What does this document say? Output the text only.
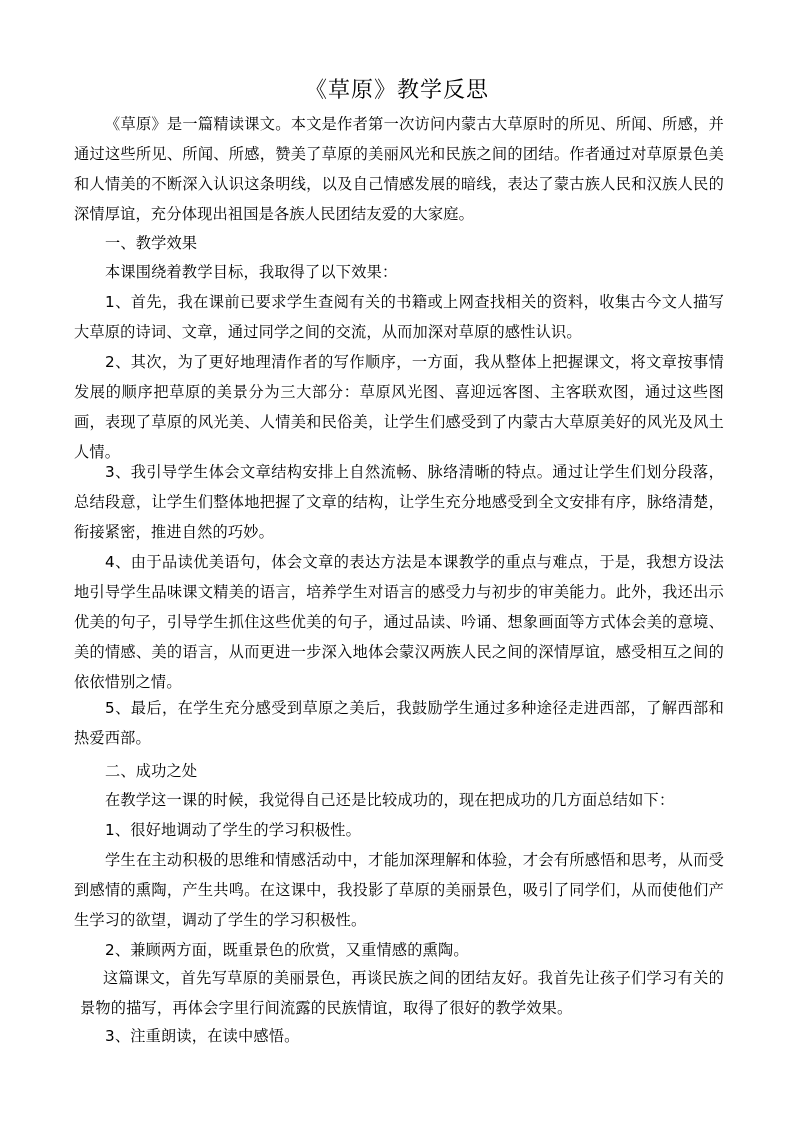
《草原》教学反思

《草原》是一篇精读课文。本文是作者第一次访问内蒙古大草原时的所见、所闻、所感，并通过这些所见、所闻、所感，赞美了草原的美丽风光和民族之间的团结。作者通过对草原景色美和人情美的不断深入认识这条明线，以及自己情感发展的暗线，表达了蒙古族人民和汉族人民的深情厚谊，充分体现出祖国是各族人民团结友爱的大家庭。

一、教学效果

本课围绕着教学目标，我取得了以下效果：

1、首先，我在课前已要求学生查阅有关的书籍或上网查找相关的资料，收集古今文人描写大草原的诗词、文章，通过同学之间的交流，从而加深对草原的感性认识。

2、其次，为了更好地理清作者的写作顺序，一方面，我从整体上把握课文，将文章按事情发展的顺序把草原的美景分为三大部分：草原风光图、喜迎远客图、主客联欢图，通过这些图画，表现了草原的风光美、人情美和民俗美，让学生们感受到了内蒙古大草原美好的风光及风土人情。

3、我引导学生体会文章结构安排上自然流畅、脉络清晰的特点。通过让学生们划分段落，总结段意，让学生们整体地把握了文章的结构，让学生充分地感受到全文安排有序，脉络清楚，衔接紧密，推进自然的巧妙。

4、由于品读优美语句，体会文章的表达方法是本课教学的重点与难点，于是，我想方设法地引导学生品味课文精美的语言，培养学生对语言的感受力与初步的审美能力。此外，我还出示优美的句子，引导学生抓住这些优美的句子，通过品读、吟诵、想象画面等方式体会美的意境、美的情感、美的语言，从而更进一步深入地体会蒙汉两族人民之间的深情厚谊，感受相互之间的依依惜别之情。

5、最后，在学生充分感受到草原之美后，我鼓励学生通过多种途径走进西部，了解西部和热爱西部。

二、成功之处

在教学这一课的时候，我觉得自己还是比较成功的，现在把成功的几方面总结如下：

1、很好地调动了学生的学习积极性。

学生在主动积极的思维和情感活动中，才能加深理解和体验，才会有所感悟和思考，从而受到感情的熏陶，产生共鸣。在这课中，我投影了草原的美丽景色，吸引了同学们，从而使他们产生学习的欲望，调动了学生的学习积极性。

2、兼顾两方面，既重景色的欣赏，又重情感的熏陶。

这篇课文，首先写草原的美丽景色，再谈民族之间的团结友好。我首先让孩子们学习有关的景物的描写，再体会字里行间流露的民族情谊，取得了很好的教学效果。

3、注重朗读，在读中感悟。
